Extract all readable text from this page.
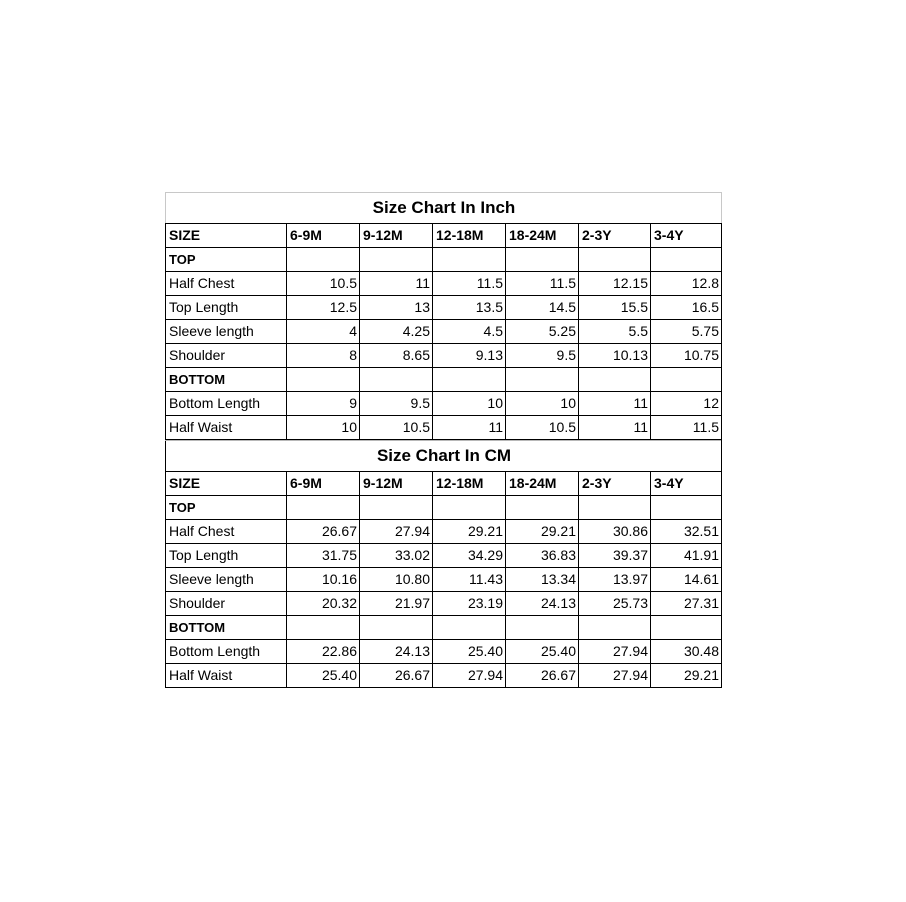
Size Chart In Inch						
SIZE	6-9M	9-12M	12-18M	18-24M	2-3Y	3-4Y
TOP						
Half Chest	10.5	11	11.5	11.5	12.15	12.8
Top Length	12.5	13	13.5	14.5	15.5	16.5
Sleeve length	4	4.25	4.5	5.25	5.5	5.75
Shoulder	8	8.65	9.13	9.5	10.13	10.75
BOTTOM						
Bottom Length	9	9.5	10	10	11	12
Half Waist	10	10.5	11	10.5	11	11.5
Size Chart In CM						
SIZE	6-9M	9-12M	12-18M	18-24M	2-3Y	3-4Y
TOP						
Half Chest	26.67	27.94	29.21	29.21	30.86	32.51
Top Length	31.75	33.02	34.29	36.83	39.37	41.91
Sleeve length	10.16	10.80	11.43	13.34	13.97	14.61
Shoulder	20.32	21.97	23.19	24.13	25.73	27.31
BOTTOM						
Bottom Length	22.86	24.13	25.40	25.40	27.94	30.48
Half Waist	25.40	26.67	27.94	26.67	27.94	29.21
